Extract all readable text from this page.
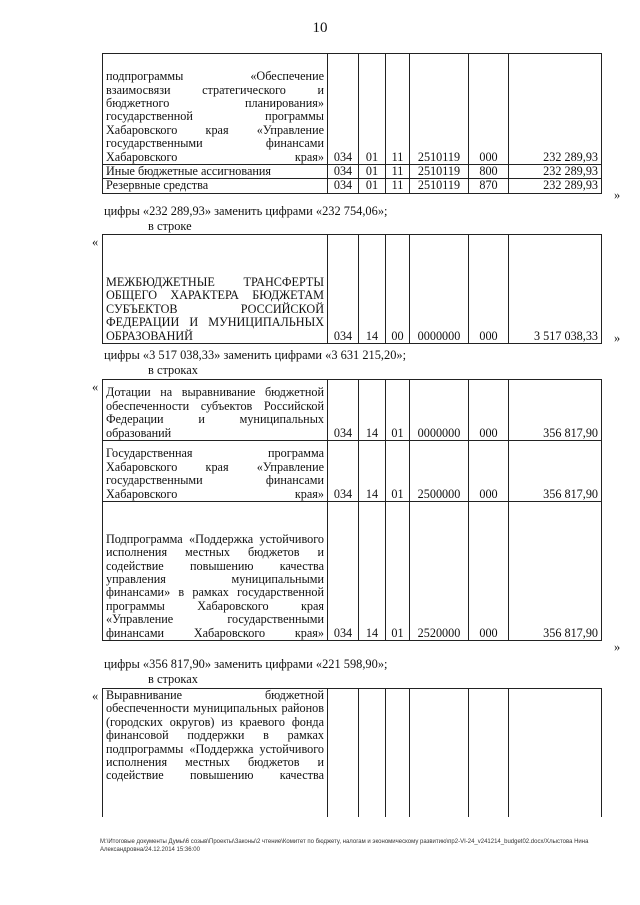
10
подпрограммы «Обеспечение взаимосвязи стратегического и бюджетного планирования» государственной программы Хабаровского края «Управление государственными финансами Хабаровского края»	034	01	11	2510119	000	232 289,93
Иные бюджетные ассигнования	034	01	11	2510119	800	232 289,93
Резервные средства	034	01	11	2510119	870	232 289,93
»
цифры «232 289,93» заменить цифрами «232 754,06»;
в строке
«
МЕЖБЮДЖЕТНЫЕ ТРАНСФЕРТЫ ОБЩЕГО ХАРАКТЕРА БЮДЖЕТАМ СУБЪЕКТОВ РОССИЙСКОЙ ФЕДЕРАЦИИ И МУНИЦИПАЛЬНЫХ ОБРАЗОВАНИЙ	034	14	00	0000000	000	3 517 038,33 »
цифры «3 517 038,33» заменить цифрами «3 631 215,20»;
в строках
« Дотации на выравнивание бюджетной обеспеченности субъектов Российской Федерации и муниципальных образований	034	14	01	0000000	000	356 817,90
Государственная программа Хабаровского края «Управление государственными финансами Хабаровского края»	034	14	01	2500000	000	356 817,90
Подпрограмма «Поддержка устойчивого исполнения местных бюджетов и содействие повышению качества управления муниципальными финансами» в рамках государственной программы Хабаровского края «Управление государственными финансами Хабаровского края»	034	14	01	2520000	000	356 817,90
»
цифры «356 817,90» заменить цифрами «221 598,90»;
в строках
« Выравнивание бюджетной обеспеченности муниципальных районов (городских округов) из краевого фонда финансовой поддержки в рамках подпрограммы «Поддержка устойчивого исполнения местных бюджетов и содействие повышению качества						
M:\Итоговые документы Думы\6 созыв\Проекты\Законы\2 чтение\Комитет по бюджету, налогам и экономическому развитию\пр2-VI-24_v241214_budget02.docx/Хлыстова Нина Александровна/24.12.2014 15:36:00
